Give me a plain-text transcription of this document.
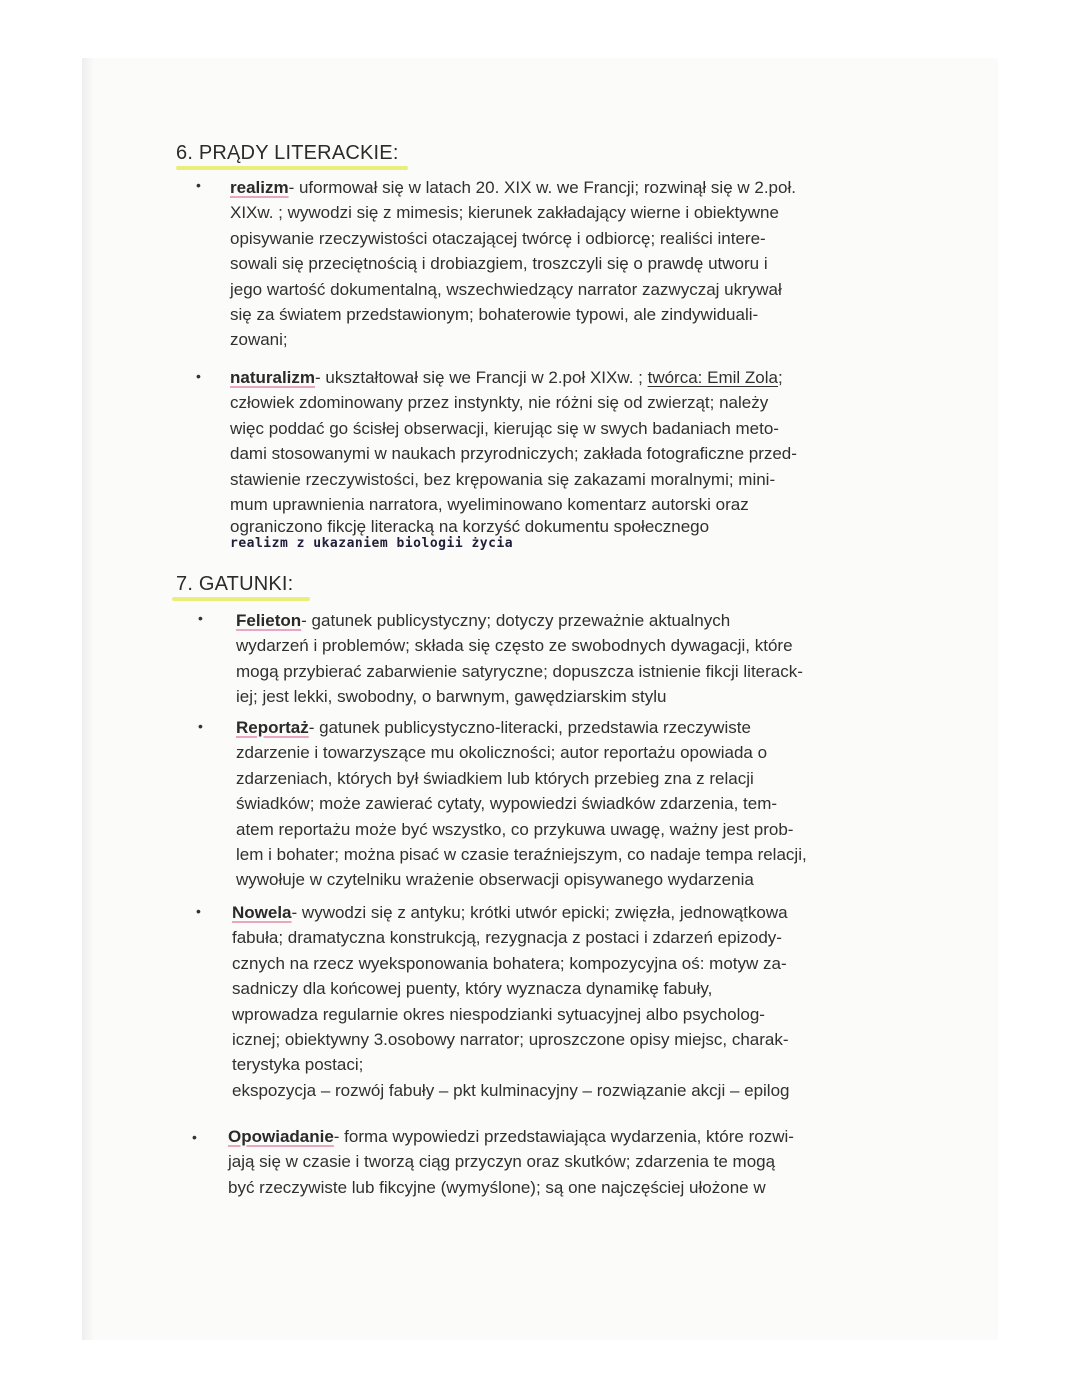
6. PRĄDY LITERACKIE:
• realizm- uformował się w latach 20. XIX w. we Francji; rozwinął się w 2.poł.
XIXw. ; wywodzi się z mimesis; kierunek zakładający wierne i obiektywne
opisywanie rzeczywistości otaczającej twórcę i odbiorcę; realiści intere-
sowali się przeciętnością i drobiazgiem, troszczyli się o prawdę utworu i
jego wartość dokumentalną, wszechwiedzący narrator zazwyczaj ukrywał
się za światem przedstawionym; bohaterowie typowi, ale zindywiduali-
zowani;
• naturalizm- ukształtował się we Francji w 2.poł XIXw. ; twórca: Emil Zola;
człowiek zdominowany przez instynkty, nie różni się od zwierząt; należy
więc poddać go ścisłej obserwacji, kierując się w swych badaniach meto-
dami stosowanymi w naukach przyrodniczych; zakłada fotograficzne przed-
stawienie rzeczywistości, bez krępowania się zakazami moralnymi; mini-
mum uprawnienia narratora, wyeliminowano komentarz autorski oraz
ograniczono fikcję literacką na korzyść dokumentu społecznego
realizm z ukazaniem biologii życia
7. GATUNKI:
• Felieton- gatunek publicystyczny; dotyczy przeważnie aktualnych
wydarzeń i problemów; składa się często ze swobodnych dywagacji, które
mogą przybierać zabarwienie satyryczne; dopuszcza istnienie fikcji literack-
iej; jest lekki, swobodny, o barwnym, gawędziarskim stylu
• Reportaż- gatunek publicystyczno-literacki, przedstawia rzeczywiste
zdarzenie i towarzyszące mu okoliczności; autor reportażu opowiada o
zdarzeniach, których był świadkiem lub których przebieg zna z relacji
świadków; może zawierać cytaty, wypowiedzi świadków zdarzenia, tem-
atem reportażu może być wszystko, co przykuwa uwagę, ważny jest prob-
lem i bohater; można pisać w czasie teraźniejszym, co nadaje tempa relacji,
wywołuje w czytelniku wrażenie obserwacji opisywanego wydarzenia
• Nowela- wywodzi się z antyku; krótki utwór epicki; zwięzła, jednowątkowa
fabuła; dramatyczna konstrukcją, rezygnacja z postaci i zdarzeń epizody-
cznych na rzecz wyeksponowania bohatera; kompozycyjna oś: motyw za-
sadniczy dla końcowej puenty, który wyznacza dynamikę fabuły,
wprowadza regularnie okres niespodzianki sytuacyjnej albo psycholog-
icznej; obiektywny 3.osobowy narrator; uproszczone opisy miejsc, charak-
terystyka postaci;
ekspozycja – rozwój fabuły – pkt kulminacyjny – rozwiązanie akcji – epilog
• Opowiadanie- forma wypowiedzi przedstawiająca wydarzenia, które rozwi-
jają się w czasie i tworzą ciąg przyczyn oraz skutków; zdarzenia te mogą
być rzeczywiste lub fikcyjne (wymyślone); są one najczęściej ułożone w
